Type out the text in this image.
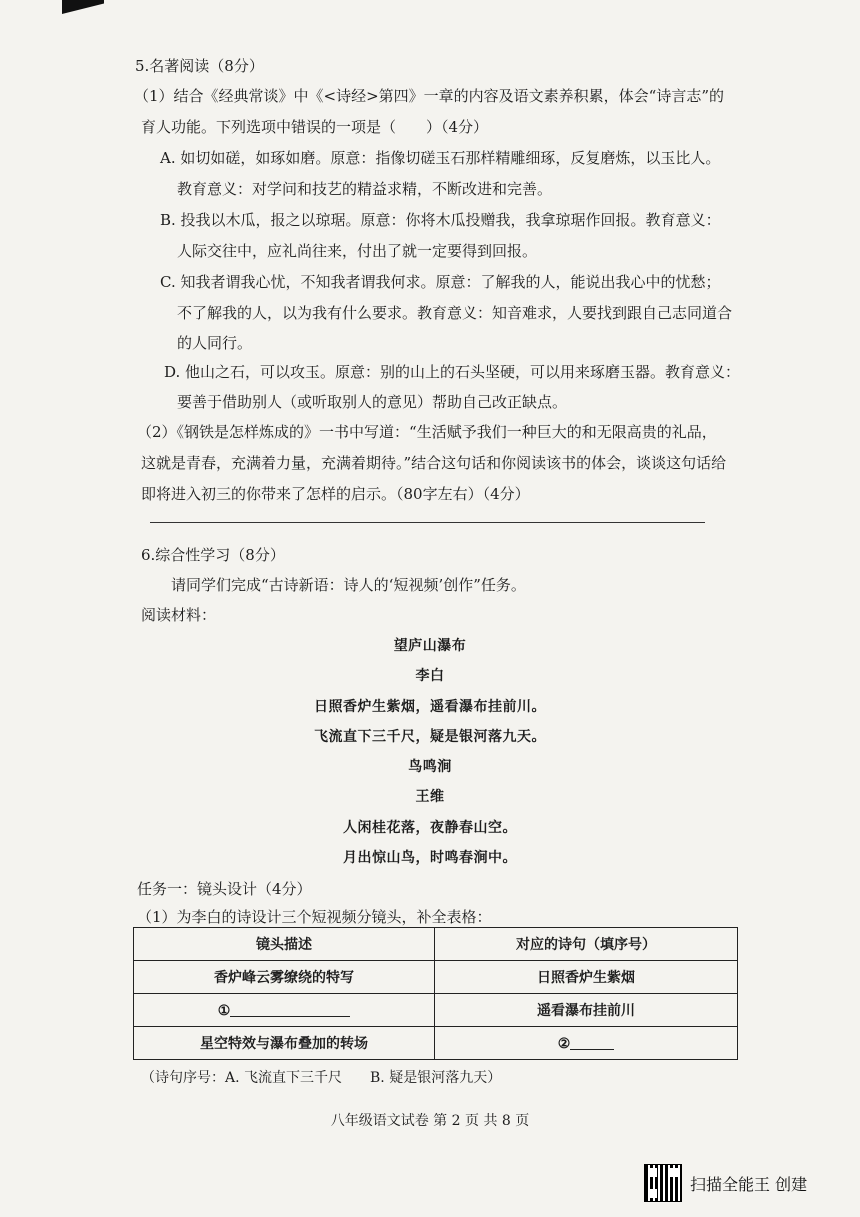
5.名著阅读（8分）
（1）结合《经典常谈》中《<诗经>第四》一章的内容及语文素养积累，体会“诗言志”的
育人功能。下列选项中错误的一项是（　　）（4分）
A. 如切如磋，如琢如磨。原意：指像切磋玉石那样精雕细琢，反复磨炼，以玉比人。
教育意义：对学问和技艺的精益求精，不断改进和完善。
B. 投我以木瓜，报之以琼琚。原意：你将木瓜投赠我，我拿琼琚作回报。教育意义：
人际交往中，应礼尚往来，付出了就一定要得到回报。
C. 知我者谓我心忧，不知我者谓我何求。原意：了解我的人，能说出我心中的忧愁；
不了解我的人，以为我有什么要求。教育意义：知音难求，人要找到跟自己志同道合
的人同行。
D. 他山之石，可以攻玉。原意：别的山上的石头坚硬，可以用来琢磨玉器。教育意义：
要善于借助别人（或听取别人的意见）帮助自己改正缺点。
（2）《钢铁是怎样炼成的》一书中写道：“生活赋予我们一种巨大的和无限高贵的礼品，
这就是青春，充满着力量，充满着期待。”结合这句话和你阅读该书的体会，谈谈这句话给
即将进入初三的你带来了怎样的启示。（80字左右）（4分）
6.综合性学习（8分）
请同学们完成“古诗新语：诗人的‘短视频’创作”任务。
阅读材料：
望庐山瀑布
李白
日照香炉生紫烟，遥看瀑布挂前川。
飞流直下三千尺，疑是银河落九天。
鸟鸣涧
王维
人闲桂花落，夜静春山空。
月出惊山鸟，时鸣春涧中。
任务一：镜头设计（4分）
（1）为李白的诗设计三个短视频分镜头，补全表格：
镜头描述	对应的诗句（填序号）
香炉峰云雾缭绕的特写	日照香炉生紫烟
①	遥看瀑布挂前川
星空特效与瀑布叠加的转场	②
（诗句序号：A. 飞流直下三千尺　　B. 疑是银河落九天）
八年级语文试卷 第 2 页 共 8 页
扫描全能王 创建
